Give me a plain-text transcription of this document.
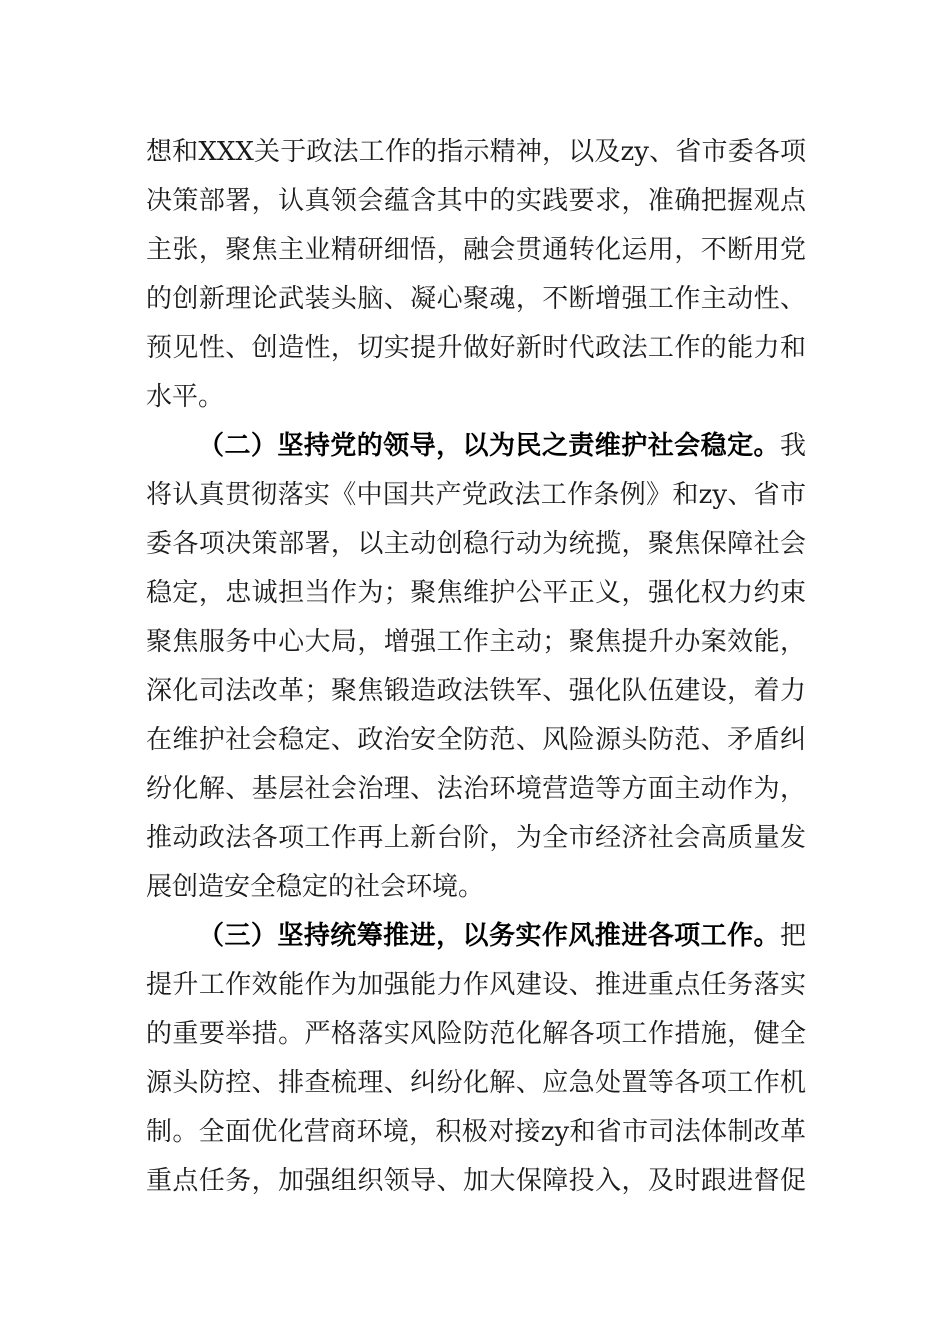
想和XXX关于政法工作的指示精神，以及zy、省市委各项
决策部署，认真领会蕴含其中的实践要求，准确把握观点
主张，聚焦主业精研细悟，融会贯通转化运用，不断用党
的创新理论武装头脑、凝心聚魂，不断增强工作主动性、
预见性、创造性，切实提升做好新时代政法工作的能力和
水平。
（二）坚持党的领导，以为民之责维护社会稳定。我
将认真贯彻落实《中国共产党政法工作条例》和zy、省市
委各项决策部署，以主动创稳行动为统揽，聚焦保障社会
稳定，忠诚担当作为；聚焦维护公平正义，强化权力约束
聚焦服务中心大局，增强工作主动；聚焦提升办案效能，
深化司法改革；聚焦锻造政法铁军、强化队伍建设，着力
在维护社会稳定、政治安全防范、风险源头防范、矛盾纠
纷化解、基层社会治理、法治环境营造等方面主动作为，
推动政法各项工作再上新台阶，为全市经济社会高质量发
展创造安全稳定的社会环境。
（三）坚持统筹推进，以务实作风推进各项工作。把
提升工作效能作为加强能力作风建设、推进重点任务落实
的重要举措。严格落实风险防范化解各项工作措施，健全
源头防控、排查梳理、纠纷化解、应急处置等各项工作机
制。全面优化营商环境，积极对接zy和省市司法体制改革
重点任务，加强组织领导、加大保障投入，及时跟进督促
